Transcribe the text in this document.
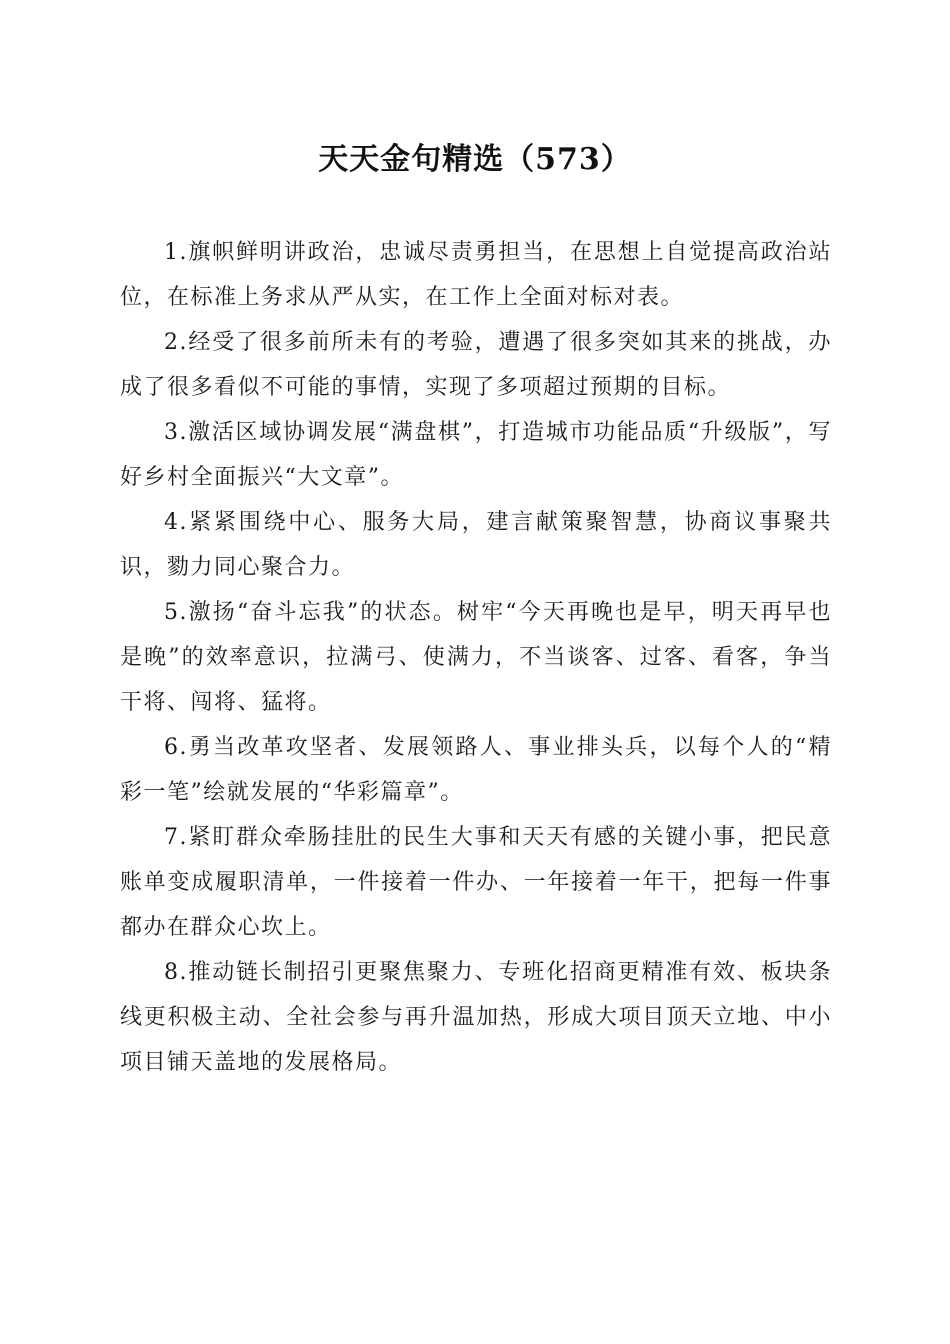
天天金句精选（573）

1.旗帜鲜明讲政治，忠诚尽责勇担当，在思想上自觉提高政治站位，在标准上务求从严从实，在工作上全面对标对表。

2.经受了很多前所未有的考验，遭遇了很多突如其来的挑战，办成了很多看似不可能的事情，实现了多项超过预期的目标。

3.激活区域协调发展“满盘棋”，打造城市功能品质“升级版”，写好乡村全面振兴“大文章”。

4.紧紧围绕中心、服务大局，建言献策聚智慧，协商议事聚共识，勠力同心聚合力。

5.激扬“奋斗忘我”的状态。树牢“今天再晚也是早，明天再早也是晚”的效率意识，拉满弓、使满力，不当谈客、过客、看客，争当干将、闯将、猛将。

6.勇当改革攻坚者、发展领路人、事业排头兵，以每个人的“精彩一笔”绘就发展的“华彩篇章”。

7.紧盯群众牵肠挂肚的民生大事和天天有感的关键小事，把民意账单变成履职清单，一件接着一件办、一年接着一年干，把每一件事都办在群众心坎上。

8.推动链长制招引更聚焦聚力、专班化招商更精准有效、板块条线更积极主动、全社会参与再升温加热，形成大项目顶天立地、中小项目铺天盖地的发展格局。
